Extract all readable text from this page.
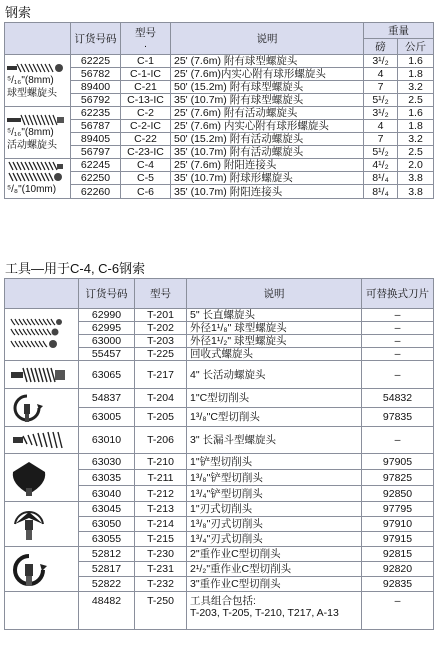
钢索
	订货号码	型号
·	说明	重量	
				磅	公斤

⁵/₁₆"(8mm)
球型螺旋头	62225	C-1	25' (7.6m) 附有球型螺旋头	3¹/₂	1.6
	56782	C-1-IC	25' (7.6m)内实心附有球形螺旋头	4	1.8
	89400	C-21	50' (15.2m) 附有球型螺旋头	7	3.2
	56792	C-13-IC	35' (10.7m) 附有球型螺旋头	5¹/₂	2.5

⁵/₁₆"(8mm)
活动螺旋头	62235	C-2	25' (7.6m) 附有活动螺旋头	3¹/₂	1.6
	56787	C-2-IC	25' (7.6m) 内实心附有球形螺旋头	4	1.8
	89405	C-22	50' (15.2m) 附有活动螺旋头	7	3.2
	56797	C-23-IC	35' (10.7m) 附有活动螺旋头	5¹/₂	2.5

⁵/₈"(10mm)	62245	C-4	25' (7.6m) 附阳连接头	4¹/₂	2.0
	62250	C-5	35' (10.7m) 附球形螺旋头	8¹/₄	3.8
	62260	C-6	35' (10.7m) 附阳连接头	8¹/₄	3.8
工具—用于C-4, C-6钢索
	订货号码	型号	说明	可替换式刀片

	62990	T-201	5" 长直螺旋头	–
	62995	T-202	外径1¹/₈" 球型螺旋头	–
	63000	T-203	外径1¹/₂" 球型螺旋头	–
	55457	T-225	回收式螺旋头	–

	63065	T-217	4" 长活动螺旋头	–

	54837	T-204	1"C型切削头	54832
	63005	T-205	1³/₈"C型切削头	97835

	63010	T-206	3" 长漏斗型螺旋头	–

	63030	T-210	1"铲型切削头	97905
	63035	T-211	1³/₈"铲型切削头	97825
	63040	T-212	1³/₄"铲型切削头	92850

	63045	T-213	1"刃式切削头	97795
	63050	T-214	1³/₈"刃式切削头	97910
	63055	T-215	1³/₄"刃式切削头	97915

	52812	T-230	2"重作业C型切削头	92815
	52817	T-231	2¹/₂"重作业C型切削头	92820
	52822	T-232	3"重作业C型切削头	92835
	48482	T-250	工具组合包括:
T-203, T-205, T-210, T217, A-13	–
